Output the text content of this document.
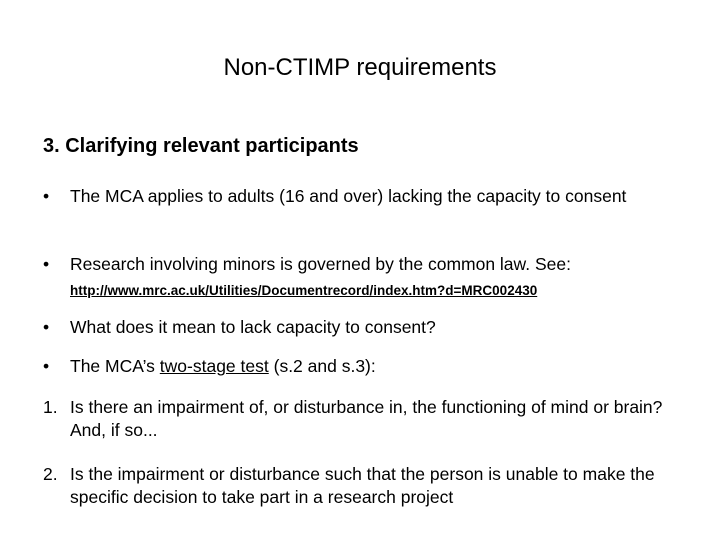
Non-CTIMP requirements
3. Clarifying relevant participants
•	The MCA applies to adults (16 and over) lacking the capacity to consent
•	Research involving minors is governed by the common law. See:
http://www.mrc.ac.uk/Utilities/Documentrecord/index.htm?d=MRC002430
•	What does it mean to lack capacity to consent?
•	The MCA’s two-stage test (s.2 and s.3):
1. Is there an impairment of, or disturbance in, the functioning of mind or brain? And, if so...
2. Is the impairment or disturbance such that the person is unable to make the specific decision to take part in a research project
